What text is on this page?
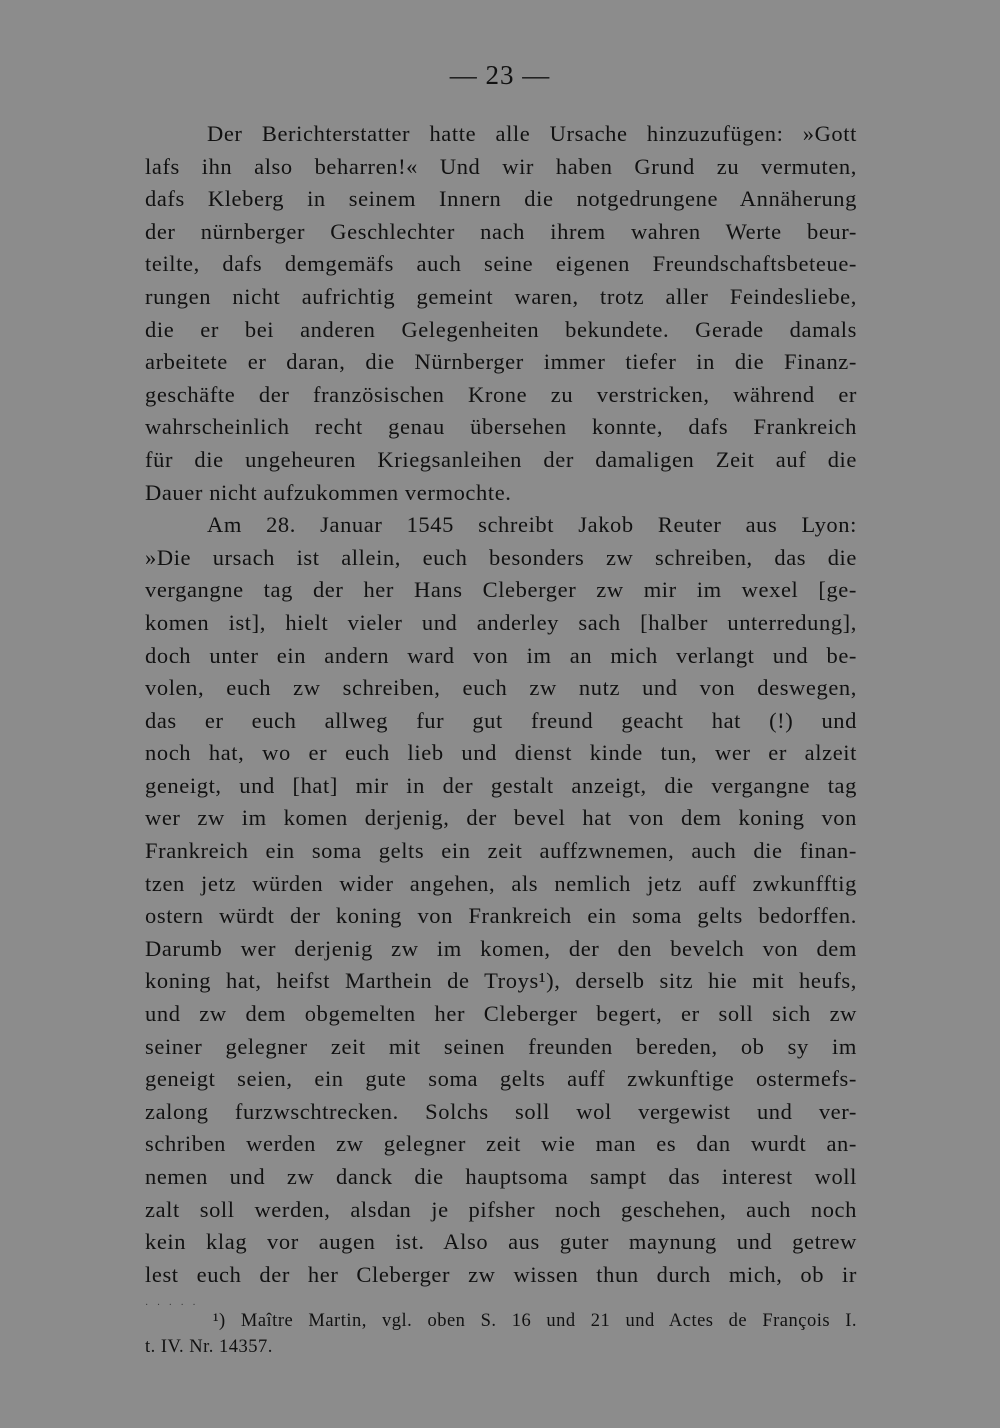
— 23 —
Der Berichterstatter hatte alle Ursache hinzuzufügen: »Gott
lafs ihn also beharren!« Und wir haben Grund zu vermuten,
dafs Kleberg in seinem Innern die notgedrungene Annäherung
der nürnberger Geschlechter nach ihrem wahren Werte beur-
teilte, dafs demgemäfs auch seine eigenen Freundschaftsbeteue-
rungen nicht aufrichtig gemeint waren, trotz aller Feindesliebe,
die er bei anderen Gelegenheiten bekundete. Gerade damals
arbeitete er daran, die Nürnberger immer tiefer in die Finanz-
geschäfte der französischen Krone zu verstricken, während er
wahrscheinlich recht genau übersehen konnte, dafs Frankreich
für die ungeheuren Kriegsanleihen der damaligen Zeit auf die
Dauer nicht aufzukommen vermochte.
Am 28. Januar 1545 schreibt Jakob Reuter aus Lyon:
»Die ursach ist allein, euch besonders zw schreiben, das die
vergangne tag der her Hans Cleberger zw mir im wexel [ge-
komen ist], hielt vieler und anderley sach [halber unterredung],
doch unter ein andern ward von im an mich verlangt und be-
volen, euch zw schreiben, euch zw nutz und von deswegen,
das er euch allweg fur gut freund geacht hat (!) und
noch hat, wo er euch lieb und dienst kinde tun, wer er alzeit
geneigt, und [hat] mir in der gestalt anzeigt, die vergangne tag
wer zw im komen derjenig, der bevel hat von dem koning von
Frankreich ein soma gelts ein zeit auffzwnemen, auch die finan-
tzen jetz würden wider angehen, als nemlich jetz auff zwkunfftig
ostern würdt der koning von Frankreich ein soma gelts bedorffen.
Darumb wer derjenig zw im komen, der den bevelch von dem
koning hat, heifst Marthein de Troys¹), derselb sitz hie mit heufs,
und zw dem obgemelten her Cleberger begert, er soll sich zw
seiner gelegner zeit mit seinen freunden bereden, ob sy im
geneigt seien, ein gute soma gelts auff zwkunftige ostermefs-
zalong furzwschtrecken. Solchs soll wol vergewist und ver-
schriben werden zw gelegner zeit wie man es dan wurdt an-
nemen und zw danck die hauptsoma sampt das interest woll
zalt soll werden, alsdan je pifsher noch geschehen, auch noch
kein klag vor augen ist. Also aus guter maynung und getrew
lest euch der her Cleberger zw wissen thun durch mich, ob ir
· · · · ·
¹) Maître Martin, vgl. oben S. 16 und 21 und Actes de François I.
t. IV. Nr. 14357.
